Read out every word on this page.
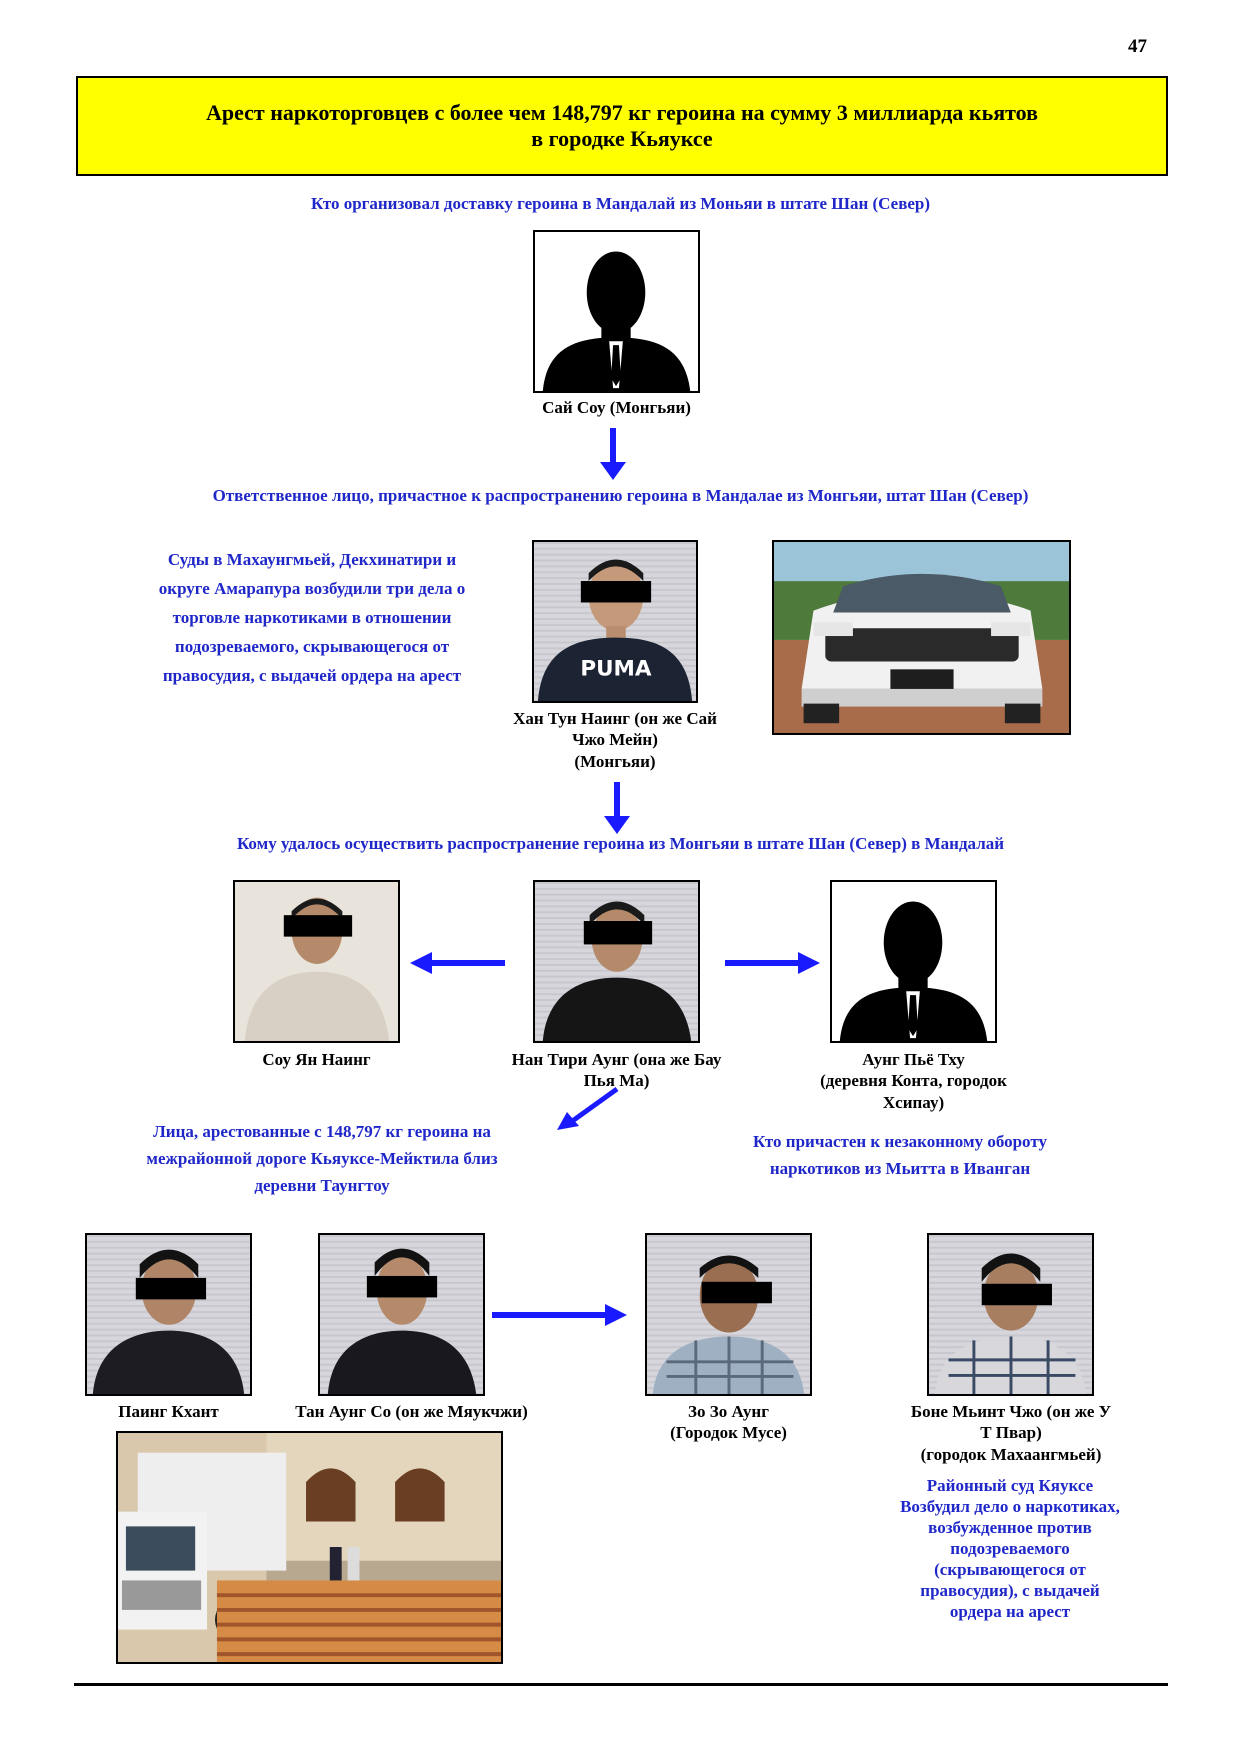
47
Арест наркоторговцев с более чем 148,797 кг героина на сумму 3 миллиарда кьятов
в городке Кьяуксе
Кто организовал доставку героина в Мандалай из Моньяи в штате Шан (Север)
Сай Соу (Монгьяи)
Ответственное лицо, причастное к распространению героина в Мандалае из Монгьяи, штат Шан (Север)
Суды в Махаунгмьей, Декхинатири и
округе Амарапура возбудили три дела о
торговле наркотиками в отношении
подозреваемого, скрывающегося от
правосудия, с выдачей ордера на арест	PUMA
Хан Тун Наинг (он же Сай
Чжо Мейн)
(Монгьяи)
Кому удалось осуществить распространение героина из Монгьяи в штате Шан (Север) в Мандалай
Соу Ян Наинг	Нан Тири Аунг (она же Бау
Пья Ма)
Аунг Пьё Тху
(деревня Конта, городок
Хсипау)
Лица, арестованные с 148,797 кг героина на
межрайонной дороге Кьяуксе-Мейктила близ
деревни Таунгтоу
Кто причастен к незаконному обороту
наркотиков из Мьитта в Иванган
Паинг Кхант	Тан Аунг Со (он же Мяукчжи)	Зо Зо Аунг
(Городок Мусе)
Боне Мьинт Чжо (он же У
Т Пвар)
(городок Махаангмьей)
Районный суд Кяуксе
Возбудил дело о наркотиках,
возбужденное против
подозреваемого
(скрывающегося от
правосудия), с выдачей
ордера на арест
